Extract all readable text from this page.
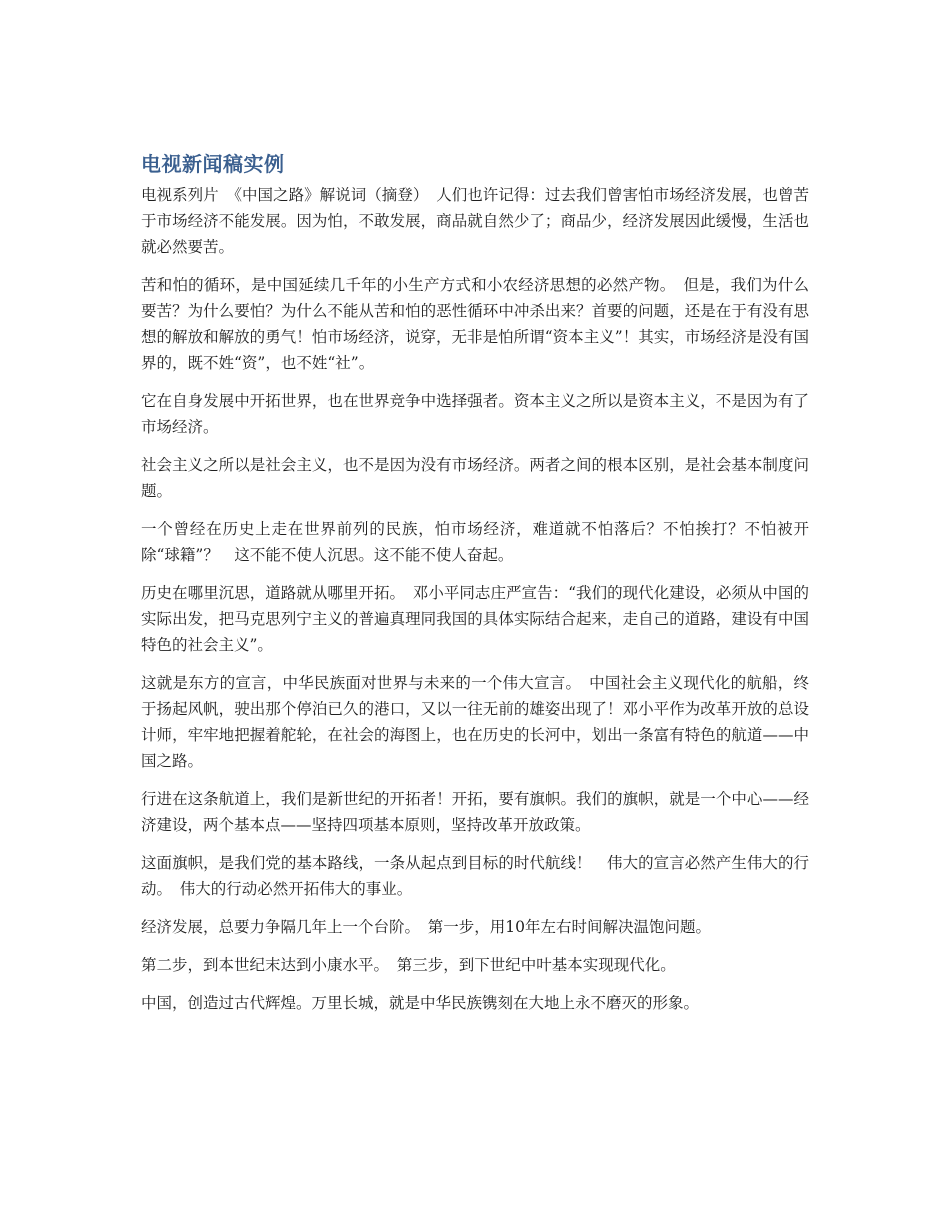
电视新闻稿实例

电视系列片　《中国之路》解说词（摘登）　人们也许记得：过去我们曾害怕市场经济发展，也曾苦于市场经济不能发展。因为怕，不敢发展，商品就自然少了；商品少，经济发展因此缓慢，生活也就必然要苦。

苦和怕的循环，是中国延续几千年的小生产方式和小农经济思想的必然产物。　但是，我们为什么要苦？为什么要怕？为什么不能从苦和怕的恶性循环中冲杀出来？首要的问题，还是在于有没有思想的解放和解放的勇气！怕市场经济，说穿，无非是怕所谓“资本主义”！其实，市场经济是没有国界的，既不姓“资”，也不姓“社”。

它在自身发展中开拓世界，也在世界竞争中选择强者。资本主义之所以是资本主义，不是因为有了市场经济。

社会主义之所以是社会主义，也不是因为没有市场经济。两者之间的根本区别，是社会基本制度问题。

一个曾经在历史上走在世界前列的民族，怕市场经济，难道就不怕落后？不怕挨打？不怕被开除“球籍”？　这不能不使人沉思。这不能不使人奋起。

历史在哪里沉思，道路就从哪里开拓。　邓小平同志庄严宣告：“我们的现代化建设，必须从中国的实际出发，把马克思列宁主义的普遍真理同我国的具体实际结合起来，走自己的道路，建设有中国特色的社会主义”。

这就是东方的宣言，中华民族面对世界与未来的一个伟大宣言。　中国社会主义现代化的航船，终于扬起风帆，驶出那个停泊已久的港口，又以一往无前的雄姿出现了！邓小平作为改革开放的总设计师，牢牢地把握着舵轮，在社会的海图上，也在历史的长河中，划出一条富有特色的航道——中国之路。

行进在这条航道上，我们是新世纪的开拓者！开拓，要有旗帜。我们的旗帜，就是一个中心——经济建设，两个基本点——坚持四项基本原则，坚持改革开放政策。

这面旗帜，是我们党的基本路线，一条从起点到目标的时代航线！　伟大的宣言必然产生伟大的行动。　伟大的行动必然开拓伟大的事业。

经济发展，总要力争隔几年上一个台阶。　第一步，用10年左右时间解决温饱问题。

第二步，到本世纪末达到小康水平。　第三步，到下世纪中叶基本实现现代化。

中国，创造过古代辉煌。万里长城，就是中华民族镌刻在大地上永不磨灭的形象。
